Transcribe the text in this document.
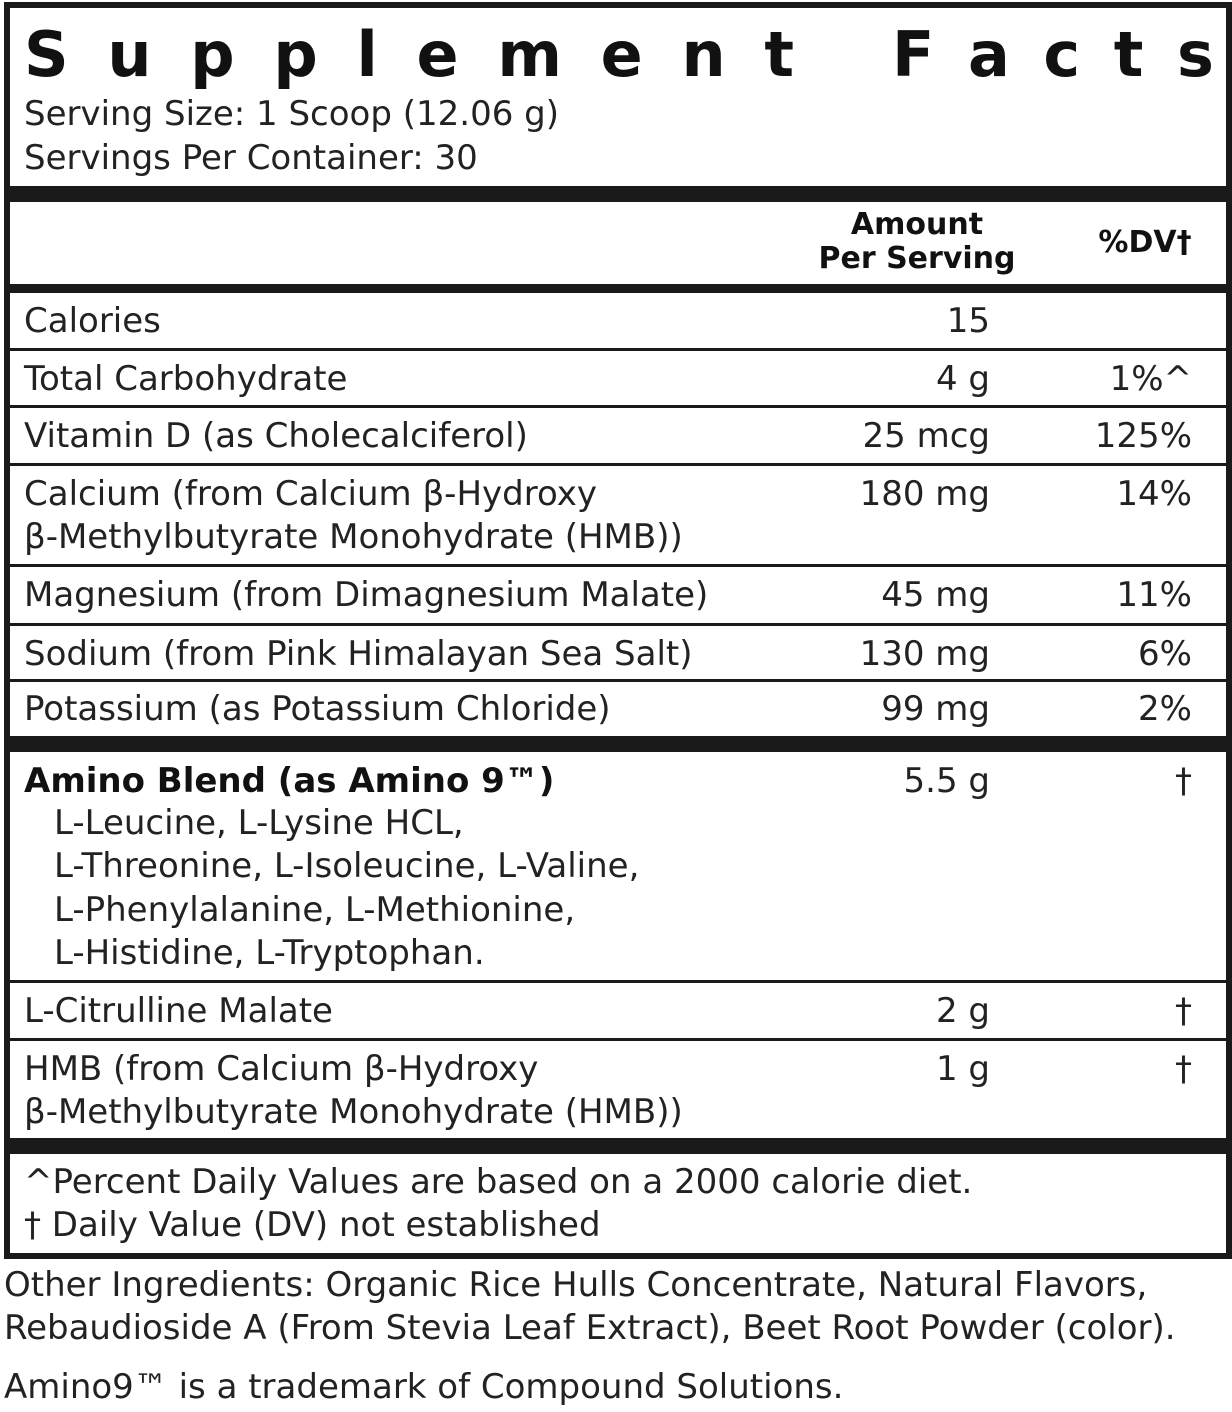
S u p p l e m e n t F a c t s
Serving Size: 1 Scoop (12.06 g)
Servings Per Container: 30
Amount
Per Serving	%DV†
Calories	15
Total Carbohydrate	4 g	1%^
Vitamin D (as Cholecalciferol)	25 mcg	125%
Calcium (from Calcium β-Hydroxy
β-Methylbutyrate Monohydrate (HMB))
180 mg	14%
Magnesium (from Dimagnesium Malate)	45 mg	11%
Sodium (from Pink Himalayan Sea Salt)	130 mg	6%
Potassium (as Potassium Chloride)	99 mg	2%
Amino Blend (as Amino 9™)	5.5 g	†
L-Leucine, L-Lysine HCL,
L-Threonine, L-Isoleucine, L-Valine,
L-Phenylalanine, L-Methionine,
L-Histidine, L-Tryptophan.
L-Citrulline Malate	2 g	†
HMB (from Calcium β-Hydroxy
β-Methylbutyrate Monohydrate (HMB))
1 g	†
^Percent Daily Values are based on a 2000 calorie diet.
† Daily Value (DV) not established
Other Ingredients: Organic Rice Hulls Concentrate, Natural Flavors,
Rebaudioside A (From Stevia Leaf Extract), Beet Root Powder (color).
Amino9™ is a trademark of Compound Solutions.
